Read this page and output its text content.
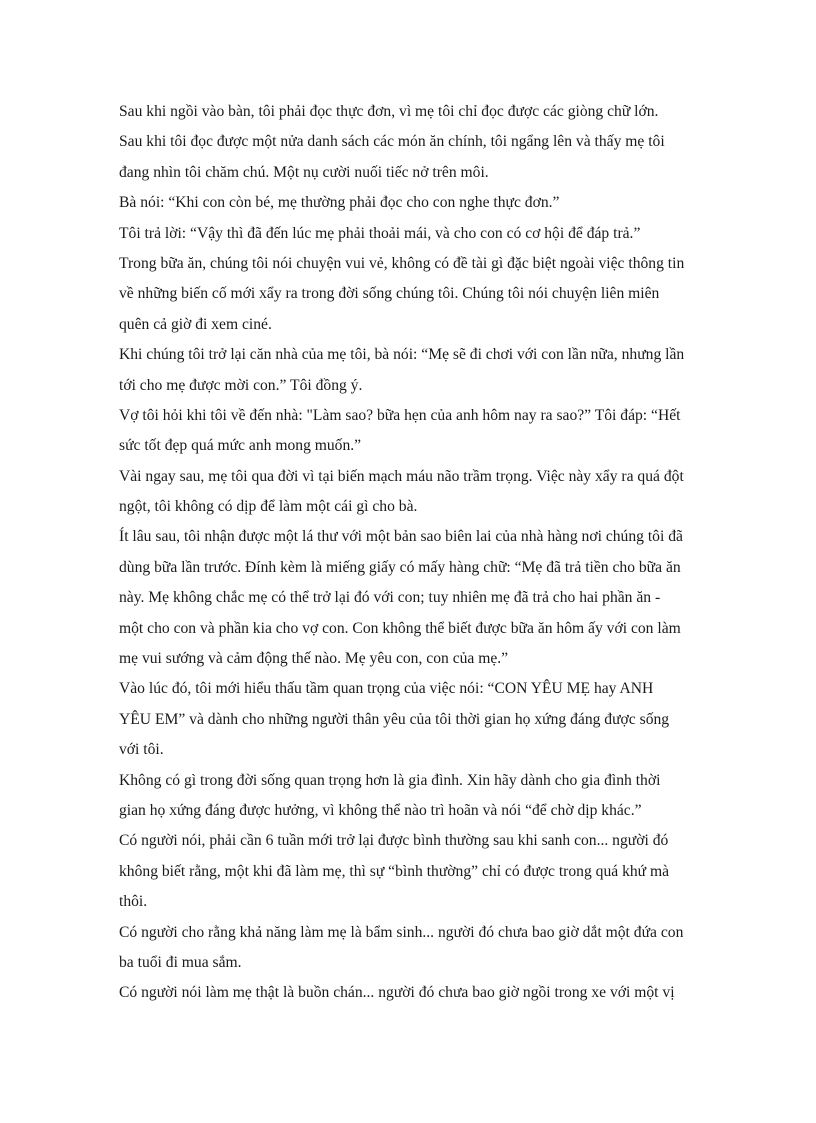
Sau khi ngồi vào bàn, tôi phải đọc thực đơn, vì mẹ tôi chỉ đọc được các giòng chữ lớn.
Sau khi tôi đọc được một nửa danh sách các món ăn chính, tôi ngẩng lên và thấy mẹ tôi
đang nhìn tôi chăm chú. Một nụ cười nuối tiếc nở trên môi.
Bà nói: “Khi con còn bé, mẹ thường phải đọc cho con nghe thực đơn.”
Tôi trả lời: “Vậy thì đã đến lúc mẹ phải thoải mái, và cho con có cơ hội để đáp trả.”
Trong bữa ăn, chúng tôi nói chuyện vui vẻ, không có đề tài gì đặc biệt ngoài việc thông tin
về những biến cố mới xẩy ra trong đời sống chúng tôi. Chúng tôi nói chuyện liên miên
quên cả giờ đi xem ciné.
Khi chúng tôi trở lại căn nhà của mẹ tôi, bà nói: “Mẹ sẽ đi chơi với con lần nữa, nhưng lần
tới cho mẹ được mời con.” Tôi đồng ý.
Vợ tôi hỏi khi tôi về đến nhà: "Làm sao? bữa hẹn của anh hôm nay ra sao?” Tôi đáp: “Hết
sức tốt đẹp quá mức anh mong muốn.”
Vài ngay sau, mẹ tôi qua đời vì tại biến mạch máu não trầm trọng. Việc này xẩy ra quá đột
ngột, tôi không có dịp để làm một cái gì cho bà.
Ít lâu sau, tôi nhận được một lá thư với một bản sao biên lai của nhà hàng nơi chúng tôi đã
dùng bữa lần trước. Đính kèm là miếng giấy có mấy hàng chữ: “Mẹ đã trả tiền cho bữa ăn
này. Mẹ không chắc mẹ có thể trở lại đó với con; tuy nhiên mẹ đã trả cho hai phần ăn -
một cho con và phần kia cho vợ con. Con không thể biết được bữa ăn hôm ấy với con làm
mẹ vui sướng và cảm động thế nào. Mẹ yêu con, con của mẹ.”
Vào lúc đó, tôi mới hiểu thấu tầm quan trọng của việc nói: “CON YÊU MẸ hay ANH
YÊU EM” và dành cho những người thân yêu của tôi thời gian họ xứng đáng được sống
với tôi.
Không có gì trong đời sống quan trọng hơn là gia đình. Xin hãy dành cho gia đình thời
gian họ xứng đáng được hưởng, vì không thể nào trì hoãn và nói “để chờ dịp khác.”
Có người nói, phải cần 6 tuần mới trở lại được bình thường sau khi sanh con... người đó
không biết rằng, một khi đã làm mẹ, thì sự “bình thường” chỉ có được trong quá khứ mà
thôi.
Có người cho rằng khả năng làm mẹ là bẩm sinh... người đó chưa bao giờ dắt một đứa con
ba tuổi đi mua sắm.
Có người nói làm mẹ thật là buồn chán... người đó chưa bao giờ ngồi trong xe với một vị
